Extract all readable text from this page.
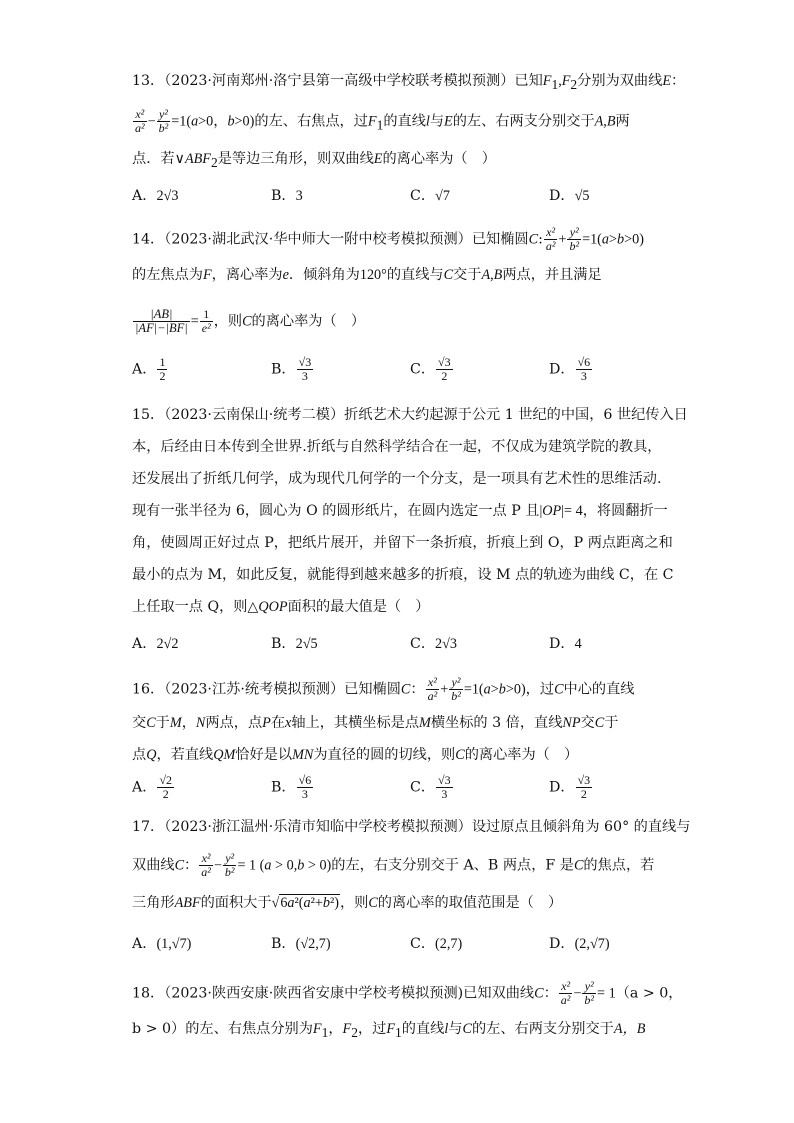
13．（2023·河南郑州·洛宁县第一高级中学校联考模拟预测）已知$F_1,F_2$分别为双曲线E：
$\frac{\text{x²}}{\text{a²}} - \frac{\text{y²}}{\text{b²}} =1(a>0$，b>0)的左、右焦点，过$F_1$的直线l与E的左、右两支分别交于A,B两
点．若$\vee ABF_2$是等边三角形，则双曲线E的离心率为（　）
A．2√3	B．3	C．√7	D．√5
14．（2023·湖北武汉·华中师大一附中校考模拟预测）已知椭圆C: $\frac{\text{x²}}{\text{a²}} + \frac{\text{y²}}{\text{b²}} =1(a>b>0)$
的左焦点为F，离心率为e．倾斜角为120°的直线与C交于A,B两点，并且满足
$\frac{|AB|}{|AF|-|BF|} = \frac{1}{\text{e²}}$ ，则C的离心率为（　）
A． $\frac{1}{2}$	B． $\frac{√3}{3}$	C． $\frac{√3}{2}$	D． $\frac{√6}{3}$
15．（2023·云南保山·统考二模）折纸艺术大约起源于公元 1 世纪的中国，6 世纪传入日
本，后经由日本传到全世界.折纸与自然科学结合在一起，不仅成为建筑学院的教具，
还发展出了折纸几何学，成为现代几何学的一个分支，是一项具有艺术性的思维活动.
现有一张半径为 6，圆心为 O 的圆形纸片，在圆内选定一点 P 且|OP|= 4，将圆翻折一
角，使圆周正好过点 P，把纸片展开，并留下一条折痕，折痕上到 O，P 两点距离之和
最小的点为 M，如此反复，就能得到越来越多的折痕，设 M 点的轨迹为曲线 C，在 C
上任取一点 Q，则△QOP面积的最大值是（　）
A．2√2	B．2√5	C．2√3	D．4
16．（2023·江苏·统考模拟预测）已知椭圆C： $\frac{\text{x²}}{\text{a²}} + \frac{\text{y²}}{\text{b²}} =1(a>b>0)$，过C中心的直线
交C于M，N两点，点P在x轴上，其横坐标是点M横坐标的 3 倍，直线NP交C于
点Q，若直线QM恰好是以MN为直径的圆的切线，则C的离心率为（　）
A． $\frac{√2}{2}$	B． $\frac{√6}{3}$	C． $\frac{√3}{3}$	D． $\frac{√3}{2}$
17．（2023·浙江温州·乐清市知临中学校考模拟预测）设过原点且倾斜角为 60° 的直线与
双曲线C： $\frac{\text{x²}}{\text{a²}} - \frac{\text{y²}}{\text{b²}} = 1$ (a > 0,b > 0)的左，右支分别交于 A、B 两点，F 是C的焦点，若
三角形ABF的面积大于√6a²(a²+b²)，则C的离心率的取值范围是（　）
A．(1,√7)	B．(√2,7)	C．(2,7)	D．(2,√7)
18．（2023·陕西安康·陕西省安康中学校考模拟预测)已知双曲线C： $\frac{\text{x²}}{\text{a²}} - \frac{\text{y²}}{\text{b²}} = 1(a > 0$，
b > 0）的左、右焦点分别为$F_1$，$F_2$，过$F_1$的直线l与C的左、右两支分别交于A，B
